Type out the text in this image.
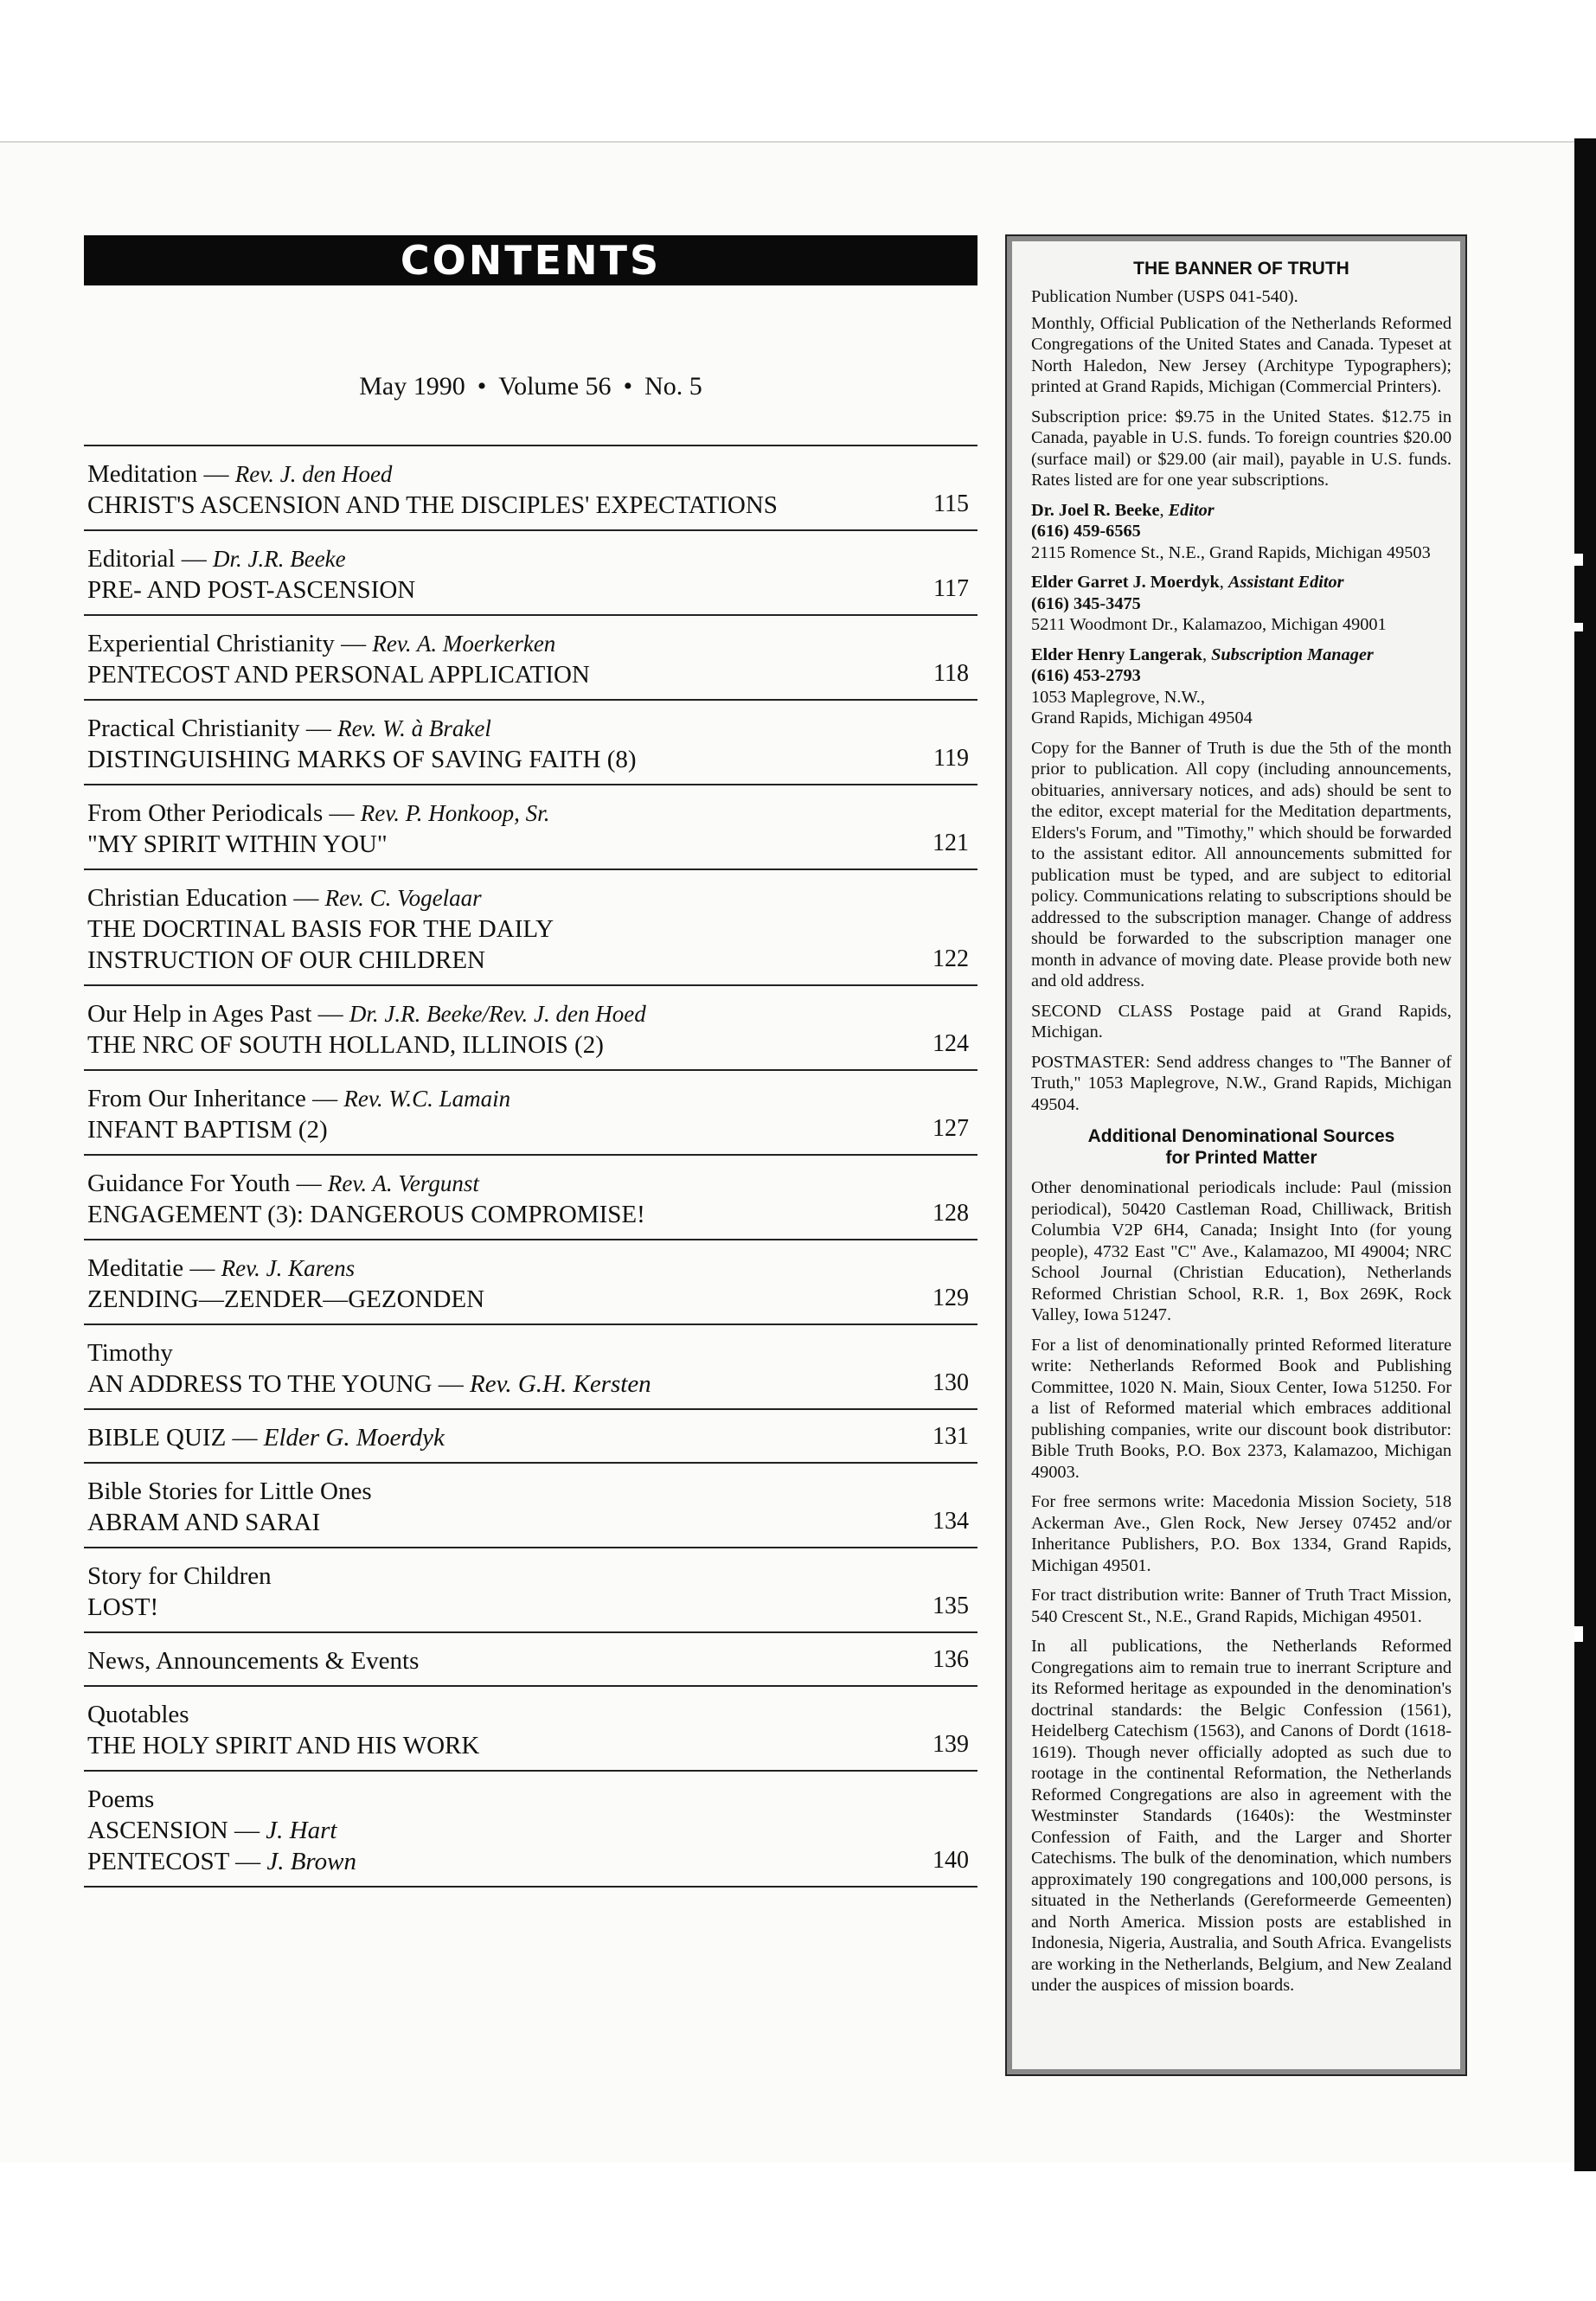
CONTENTS
May 1990 • Volume 56 • No. 5
Meditation — Rev. J. den Hoed
CHRIST'S ASCENSION AND THE DISCIPLES' EXPECTATIONS	115
Editorial — Dr. J.R. Beeke
PRE- AND POST-ASCENSION	117
Experiential Christianity — Rev. A. Moerkerken
PENTECOST AND PERSONAL APPLICATION	118
Practical Christianity — Rev. W. à Brakel
DISTINGUISHING MARKS OF SAVING FAITH (8)	119
From Other Periodicals — Rev. P. Honkoop, Sr.
"MY SPIRIT WITHIN YOU"	121
Christian Education — Rev. C. Vogelaar
THE DOCRTINAL BASIS FOR THE DAILY
INSTRUCTION OF OUR CHILDREN	122
Our Help in Ages Past — Dr. J.R. Beeke/Rev. J. den Hoed
THE NRC OF SOUTH HOLLAND, ILLINOIS (2)	124
From Our Inheritance — Rev. W.C. Lamain
INFANT BAPTISM (2)	127
Guidance For Youth — Rev. A. Vergunst
ENGAGEMENT (3): DANGEROUS COMPROMISE!	128
Meditatie — Rev. J. Karens
ZENDING—ZENDER—GEZONDEN	129
Timothy
AN ADDRESS TO THE YOUNG — Rev. G.H. Kersten	130
BIBLE QUIZ — Elder G. Moerdyk	131
Bible Stories for Little Ones
ABRAM AND SARAI	134
Story for Children
LOST!	135
News, Announcements & Events	136
Quotables
THE HOLY SPIRIT AND HIS WORK	139
Poems
ASCENSION — J. Hart
PENTECOST — J. Brown	140

THE BANNER OF TRUTH

Publication Number (USPS 041-540).

Monthly, Official Publication of the Netherlands Reformed Congregations of the United States and Canada. Typeset at North Haledon, New Jersey (Architype Typographers); printed at Grand Rapids, Michigan (Commercial Printers).

Subscription price: $9.75 in the United States. $12.75 in Canada, payable in U.S. funds. To foreign countries $20.00 (surface mail) or $29.00 (air mail), payable in U.S. funds. Rates listed are for one year subscriptions.

Dr. Joel R. Beeke, Editor
(616) 459-6565
2115 Romence St., N.E., Grand Rapids, Michigan 49503

Elder Garret J. Moerdyk, Assistant Editor
(616) 345-3475
5211 Woodmont Dr., Kalamazoo, Michigan 49001

Elder Henry Langerak, Subscription Manager
(616) 453-2793
1053 Maplegrove, N.W.,
Grand Rapids, Michigan 49504

Copy for the Banner of Truth is due the 5th of the month prior to publication. All copy (including announcements, obituaries, anniversary notices, and ads) should be sent to the editor, except material for the Meditation departments, Elders's Forum, and "Timothy," which should be forwarded to the assistant editor. All announcements submitted for publication must be typed, and are subject to editorial policy. Communications relating to subscriptions should be addressed to the subscription manager. Change of address should be forwarded to the subscription manager one month in advance of moving date. Please provide both new and old address.

SECOND CLASS Postage paid at Grand Rapids, Michigan.

POSTMASTER: Send address changes to "The Banner of Truth," 1053 Maplegrove, N.W., Grand Rapids, Michigan 49504.

Additional Denominational Sources
for Printed Matter

Other denominational periodicals include: Paul (mission periodical), 50420 Castleman Road, Chilliwack, British Columbia V2P 6H4, Canada; Insight Into (for young people), 4732 East "C" Ave., Kalamazoo, MI 49004; NRC School Journal (Christian Education), Netherlands Reformed Christian School, R.R. 1, Box 269K, Rock Valley, Iowa 51247.

For a list of denominationally printed Reformed literature write: Netherlands Reformed Book and Publishing Committee, 1020 N. Main, Sioux Center, Iowa 51250. For a list of Reformed material which embraces additional publishing companies, write our discount book distributor: Bible Truth Books, P.O. Box 2373, Kalamazoo, Michigan 49003.

For free sermons write: Macedonia Mission Society, 518 Ackerman Ave., Glen Rock, New Jersey 07452 and/or Inheritance Publishers, P.O. Box 1334, Grand Rapids, Michigan 49501.

For tract distribution write: Banner of Truth Tract Mission, 540 Crescent St., N.E., Grand Rapids, Michigan 49501.

In all publications, the Netherlands Reformed Congregations aim to remain true to inerrant Scripture and its Reformed heritage as expounded in the denomination's doctrinal standards: the Belgic Confession (1561), Heidelberg Catechism (1563), and Canons of Dordt (1618-1619). Though never officially adopted as such due to rootage in the continental Reformation, the Netherlands Reformed Congregations are also in agreement with the Westminster Standards (1640s): the Westminster Confession of Faith, and the Larger and Shorter Catechisms. The bulk of the denomination, which numbers approximately 190 congregations and 100,000 persons, is situated in the Netherlands (Gereformeerde Gemeenten) and North America. Mission posts are established in Indonesia, Nigeria, Australia, and South Africa. Evangelists are working in the Netherlands, Belgium, and New Zealand under the auspices of mission boards.
